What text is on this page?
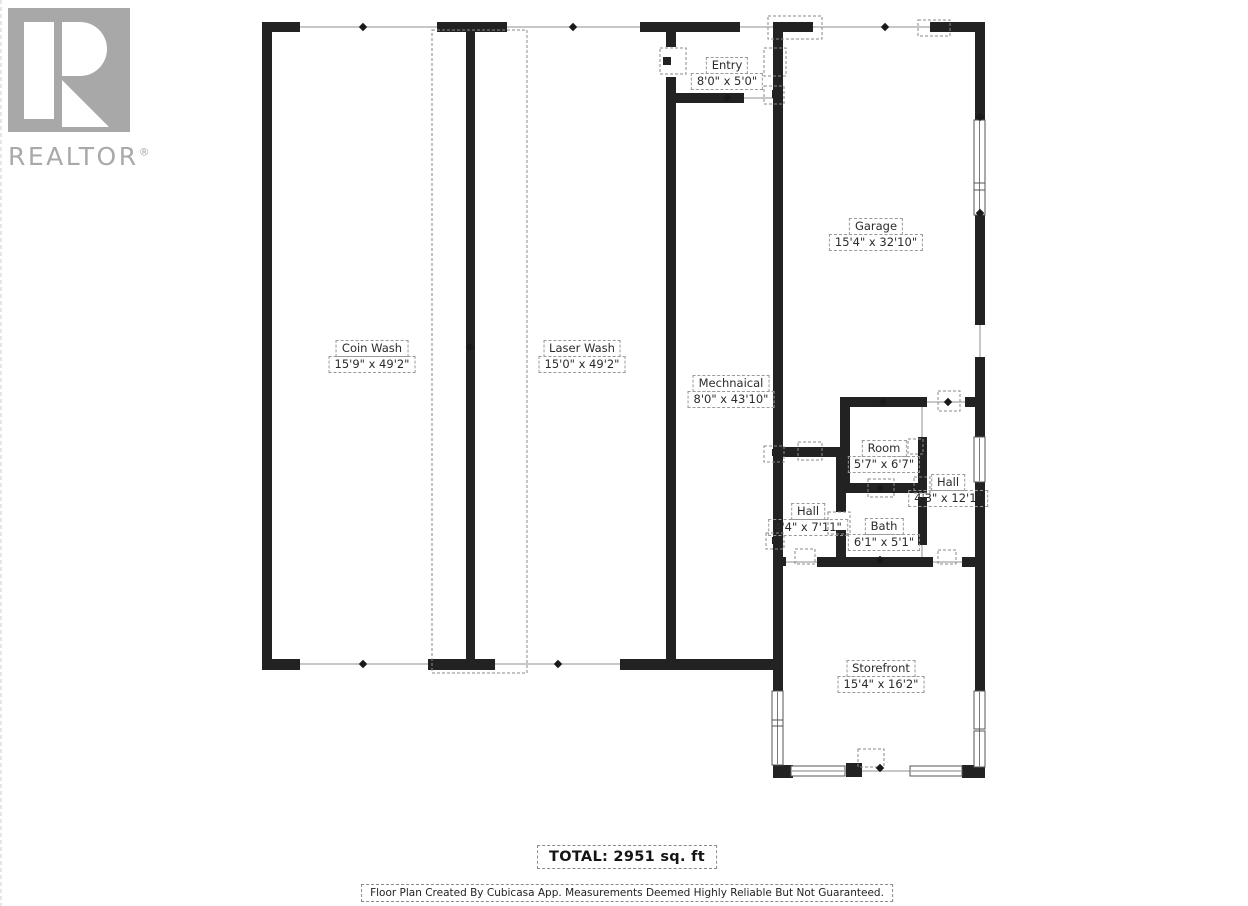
REALTOR®
Entry
8'0" x 5'0"
Coin Wash
15'9" x 49'2"
Laser Wash
15'0" x 49'2"
Mechnaical
8'0" x 43'10"
Garage
15'4" x 32'10"
Room
5'7" x 6'7"
Hall
4'3" x 12'1"
Hall
4'4" x 7'11"	Bath
6'1" x 5'1"
Storefront
15'4" x 16'2"
TOTAL: 2951 sq. ft
Floor Plan Created By Cubicasa App. Measurements Deemed Highly Reliable But Not Guaranteed.
